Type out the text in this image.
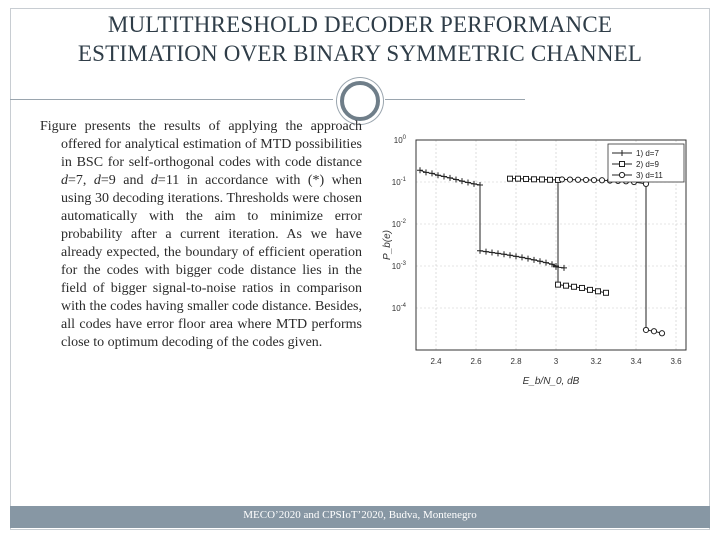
MULTITHRESHOLD DECODER PERFORMANCE
ESTIMATION OVER BINARY SYMMETRIC CHANNEL

Figure presents the results of applying the approach offered for analytical estimation of MTD possibilities in BSC for self-orthogonal codes with code distance d=7, d=9 and d=11 in accordance with (*) when using 30 decoding iterations. Thresholds were chosen automatically with the aim to minimize error probability after a current iteration. As we have already expected, the boundary of efficient operation for the codes with bigger code distance lies in the field of bigger signal-to-noise ratios in comparison with the codes having smaller code distance. Besides, all codes have error floor area where MTD performs close to optimum decoding of the codes given.

2.4	2.6	2.8	3	3.2	3.4	3.6
$10^0$
$10^{-1}$
$10^{-2}$
$10^{-3}$
$10^{-4}$
1) d=7
2) d=9
3) d=11
E_b/N_0, dB
P_b(e)
MECO’2020 and CPSIoT’2020, Budva, Montenegro
